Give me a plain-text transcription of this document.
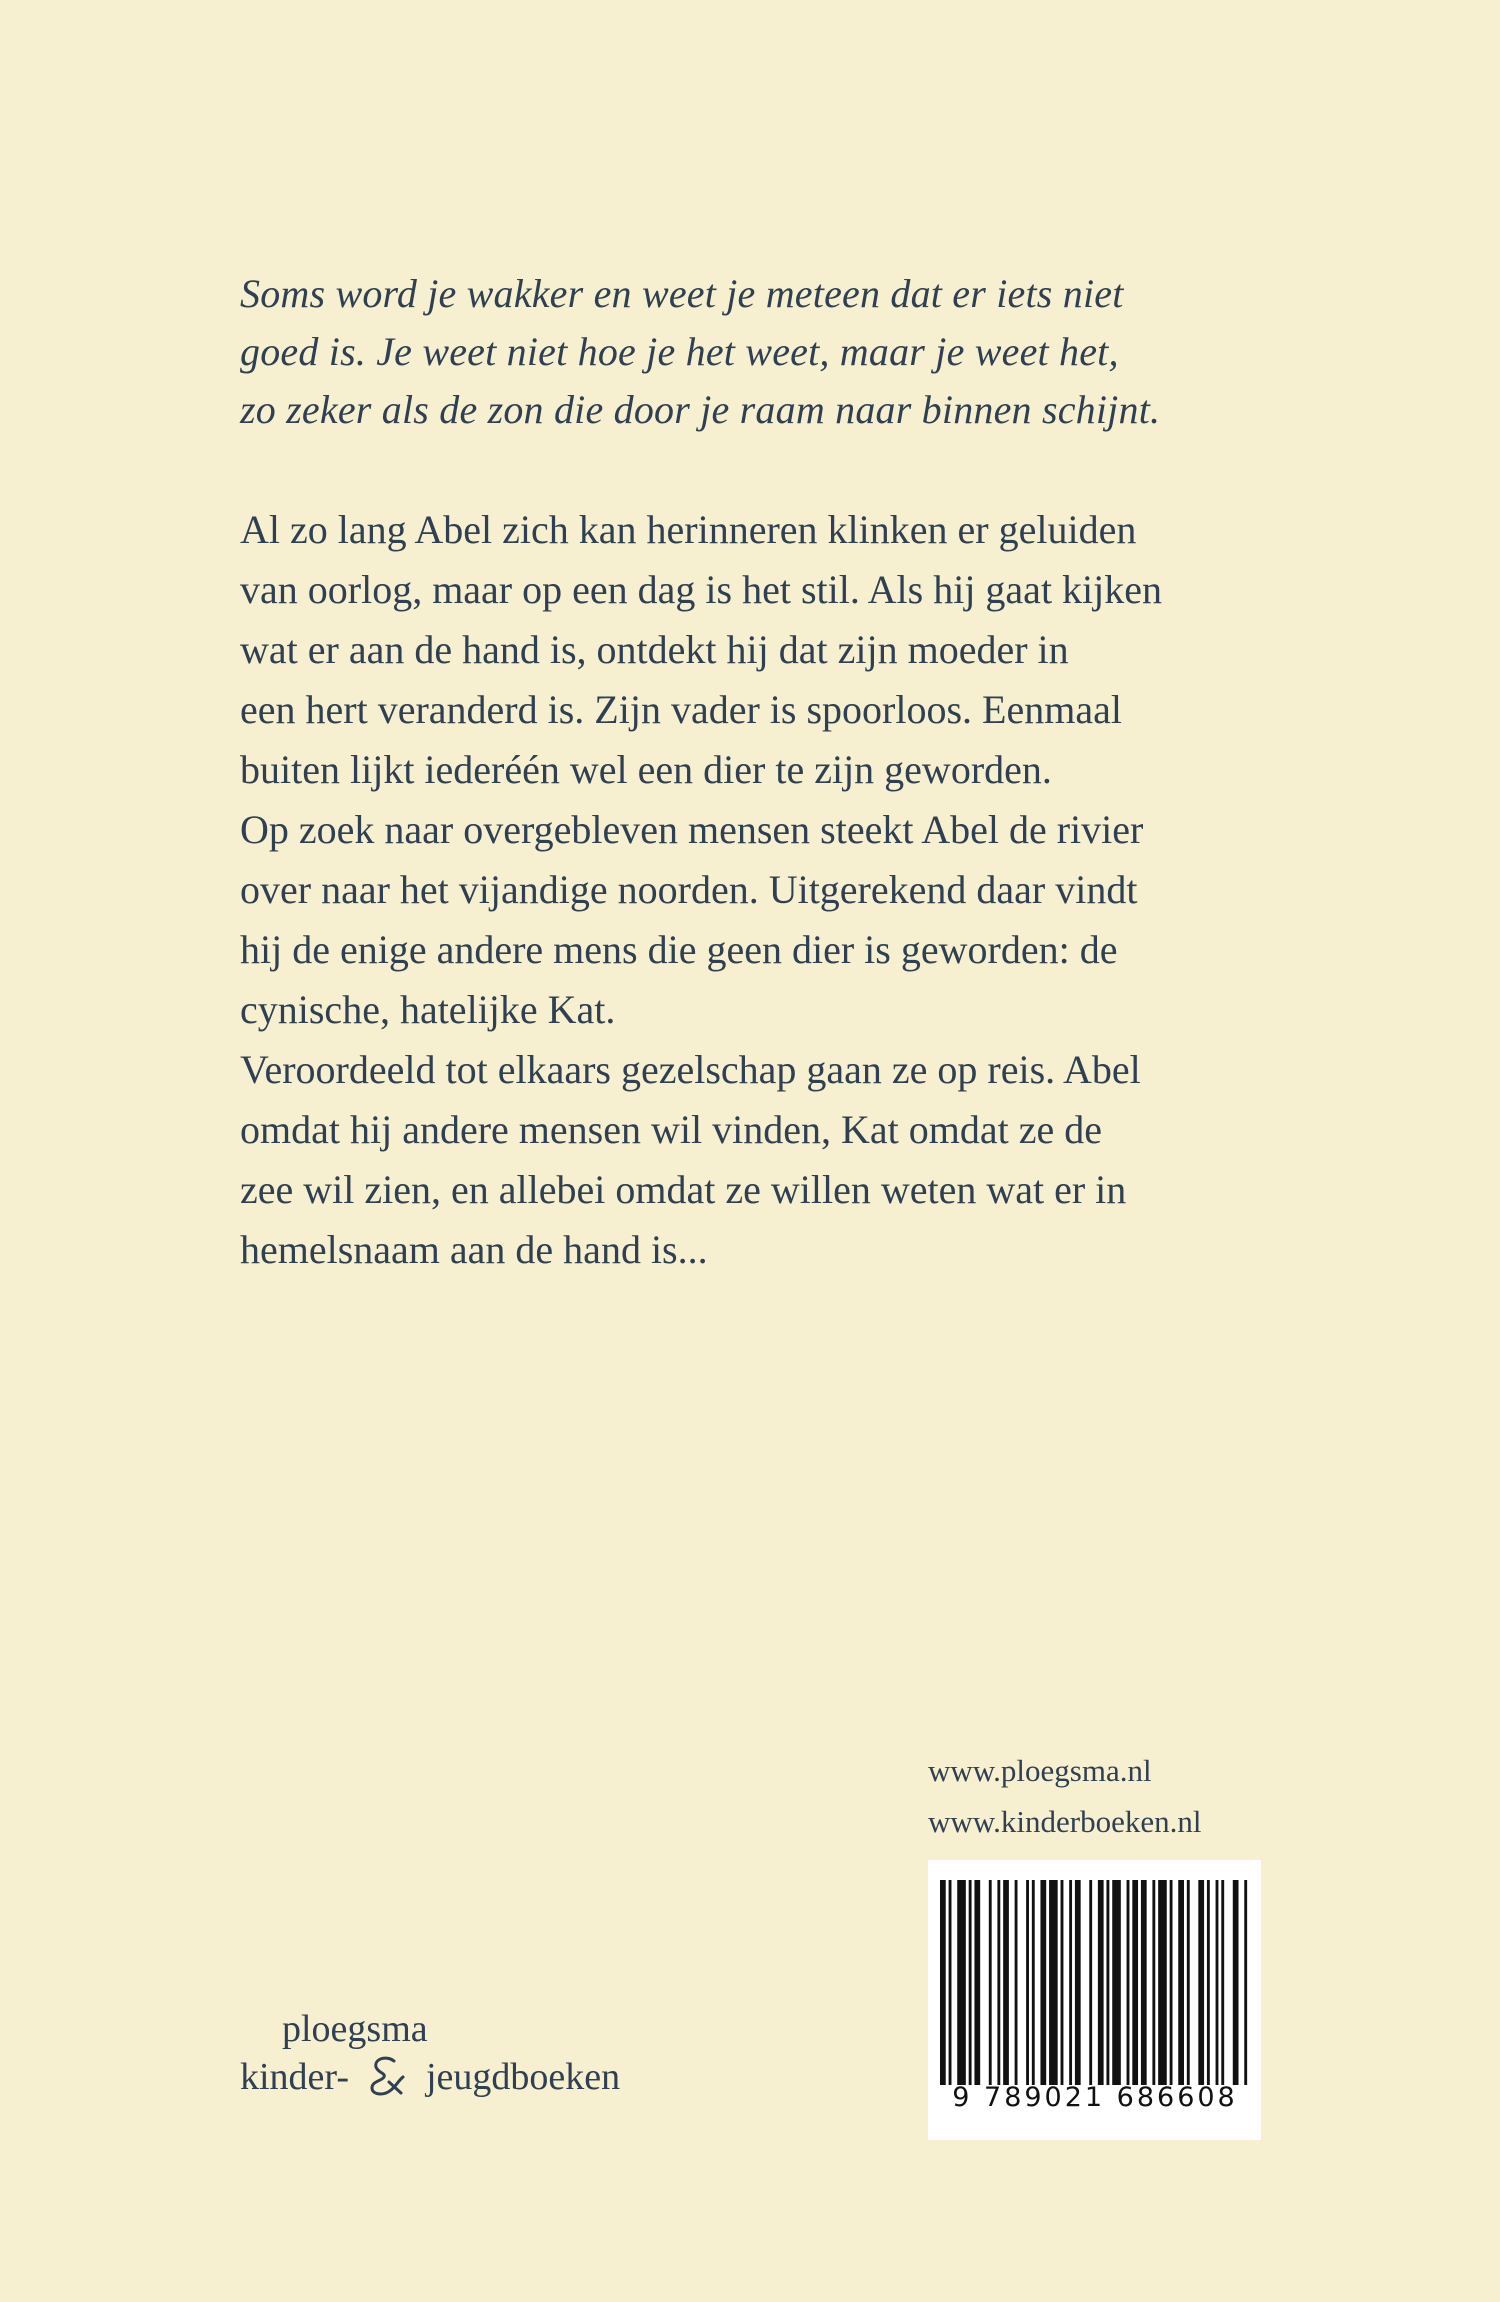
Soms word je wakker en weet je meteen dat er iets niet
goed is. Je weet niet hoe je het weet, maar je weet het,
zo zeker als de zon die door je raam naar binnen schijnt.
Al zo lang Abel zich kan herinneren klinken er geluiden
van oorlog, maar op een dag is het stil. Als hij gaat kijken
wat er aan de hand is, ontdekt hij dat zijn moeder in
een hert veranderd is. Zijn vader is spoorloos. Eenmaal
buiten lijkt iederéén wel een dier te zijn geworden.
Op zoek naar overgebleven mensen steekt Abel de rivier
over naar het vijandige noorden. Uitgerekend daar vindt
hij de enige andere mens die geen dier is geworden: de
cynische, hatelijke Kat.
Veroordeeld tot elkaars gezelschap gaan ze op reis. Abel
omdat hij andere mensen wil vinden, Kat omdat ze de
zee wil zien, en allebei omdat ze willen weten wat er in
hemelsnaam aan de hand is...
www.ploegsma.nl
www.kinderboeken.nl
9 789021 686608
ploegsma
kinder- jeugdboeken
